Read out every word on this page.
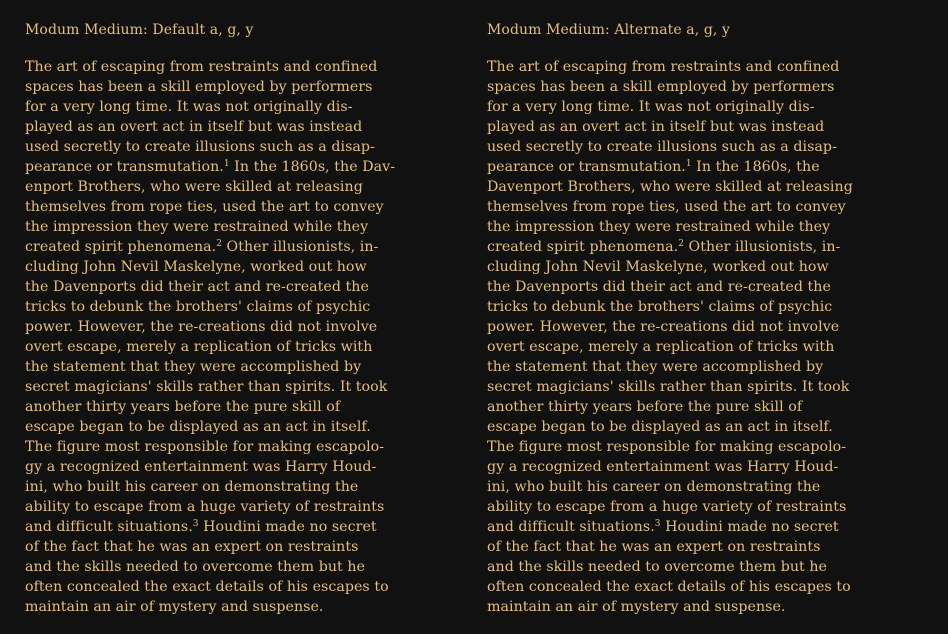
Modum Medium: Default a, g, y

The art of escaping from restraints and confined
spaces has been a skill employed by performers
for a very long time. It was not originally dis-
played as an overt act in itself but was instead
used secretly to create illusions such as a disap-
pearance or transmutation.$^1$ In the 1860s, the Dav-
enport Brothers, who were skilled at releasing
themselves from rope ties, used the art to convey
the impression they were restrained while they
created spirit phenomena.$^2$ Other illusionists, in-
cluding John Nevil Maskelyne, worked out how
the Davenports did their act and re-created the
tricks to debunk the brothers' claims of psychic
power. However, the re-creations did not involve
overt escape, merely a replication of tricks with
the statement that they were accomplished by
secret magicians' skills rather than spirits. It took
another thirty years before the pure skill of
escape began to be displayed as an act in itself.
The figure most responsible for making escapolo-
gy a recognized entertainment was Harry Houd-
ini, who built his career on demonstrating the
ability to escape from a huge variety of restraints
and difficult situations.$^3$ Houdini made no secret
of the fact that he was an expert on restraints
and the skills needed to overcome them but he
often concealed the exact details of his escapes to
maintain an air of mystery and suspense.

Modum Medium: Alternate a, g, y

The art of escaping from restraints and confined
spaces has been a skill employed by performers
for a very long time. It was not originally dis-
played as an overt act in itself but was instead
used secretly to create illusions such as a disap-
pearance or transmutation.$^1$ In the 1860s, the
Davenport Brothers, who were skilled at releasing
themselves from rope ties, used the art to convey
the impression they were restrained while they
created spirit phenomena.$^2$ Other illusionists, in-
cluding John Nevil Maskelyne, worked out how
the Davenports did their act and re-created the
tricks to debunk the brothers' claims of psychic
power. However, the re-creations did not involve
overt escape, merely a replication of tricks with
the statement that they were accomplished by
secret magicians' skills rather than spirits. It took
another thirty years before the pure skill of
escape began to be displayed as an act in itself.
The figure most responsible for making escapolo-
gy a recognized entertainment was Harry Houd-
ini, who built his career on demonstrating the
ability to escape from a huge variety of restraints
and difficult situations.$^3$ Houdini made no secret
of the fact that he was an expert on restraints
and the skills needed to overcome them but he
often concealed the exact details of his escapes to
maintain an air of mystery and suspense.
